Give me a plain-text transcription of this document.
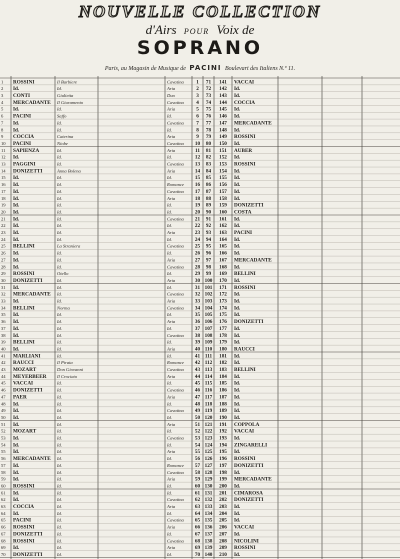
NOUVELLE COLLECTION
d'Airs POUR Voix de
SOPRANO
Paris, au Magasin de Musique de PACINI Boulevart des Italiens N.º 11.
1 ROSSINI	Il Barbiere	Cavatina 1 71 141 VACCAI
2 Id.	Id.	Aria	2 72 142 Id.
3 CONTI	Giulietta	Duo	3 73 143 Id.
4 MERCADANTE Il Giuramento	Cavatina 4 74 144 COCCIA
5 Id.	Id.	Aria	5 75 145 Id.
6 PACINI	Saffo	Id.	6 76 146 Id.
7 Id.	Id.	Cavatina 7 77 147 MERCADANTE
8 Id.	Id.	Id.	8 78 148 Id.
9 COCCIA	Caterina	Aria	9 79 149 ROSSINI
10 PACINI	Niobe	Cavatina 10 80 150 Id.
11 SAPIENZA	Id.	Aria	11 81 151 AUBER
12 Id.	Id.	Id.	12 82 152 Id.
13 PAGGINI	Id.	Cavatina 13 83 153 ROSSINI
14 DONIZETTI	Anna Bolena	Aria	14 84 154 Id.
15 Id.	Id.	Id.	15 85 155 Id.
16 Id.	Id.	Romance 16 86 156 Id.
17 Id.	Id.	Cavatina 17 87 157 Id.
18 Id.	Id.	Aria	18 88 158 Id.
19 Id.	Id.	Id.	19 89 159 DONIZETTI
20 Id.	Id.	Id.	20 90 160 COSTA
21 Id.	Id.	Cavatina 21 91 161 Id.
22 Id.	Id.	Id.	22 92 162 Id.
23 Id.	Id.	Aria	23 93 163 PACINI
24 Id.	Id.	Id.	24 94 164 Id.
25 BELLINI	La Straniera	Cavatina 25 95 165 Id.
26 Id.	Id.	Id.	26 96 166 Id.
27 Id.	Id.	Aria	27 97 167 MERCADANTE
28 Id.	Id.	Cavatina 28 98 168 Id.
29 ROSSINI	Otello	Id.	29 99 169 BELLINI
30 DONIZETTI	Id.	Aria	30 100 170 Id.
31 Id.	Id.	Id.	31 101 171 ROSSINI
32 MERCADANTE Id.	Cavatina 32 102 172 Id.
33 Id.	Id.	Aria	33 103 173 Id.
34 BELLINI	Norma	Cavatina 34 104 174 Id.
35 Id.	Id.	Id.	35 105 175 Id.
36 Id.	Id.	Aria	36 106 176 DONIZETTI
37 Id.	Id.	Id.	37 107 177 Id.
38 Id.	Id.	Cavatina 38 108 178 Id.
39 BELLINI	Id.	Id.	39 109 179 Id.
40 Id.	Id.	Aria	40 110 180 RAUCCI
41 MARLIANI	Id.	Id.	41 111 181 Id.
42 RAUCCI	Il Pirata	Romance 42 112 182 Id.
43 MOZART	Don Giovanni	Cavatina 43 113 183 BELLINI
44 MEYERBEER Il Crociato	Aria	44 114 184 Id.
45 VACCAI	Id.	Id.	45 115 185 Id.
46 DONIZETTI	Id.	Cavatina 46 116 186 Id.
47 PAER	Id.	Aria	47 117 187 Id.
48 Id.	Id.	Id.	48 118 188 Id.
49 Id.	Id.	Cavatina 49 119 189 Id.
50 Id.	Id.	Id.	50 120 190 Id.
51 Id.	Id.	Aria	51 121 191 COPPOLA
52 MOZART	Id.	Id.	52 122 192 VACCAI
53 Id.	Id.	Cavatina 53 123 193 Id.
54 Id.	Id.	Id.	54 124 194 ZINGARELLI
55 Id.	Id.	Aria	55 125 195 Id.
56 MERCADANTE Id.	Id.	56 126 196 ROSSINI
57 Id.	Id.	Romance 57 127 197 DONIZETTI
58 Id.	Id.	Cavatina 58 128 198 Id.
59 Id.	Id.	Aria	59 129 199 MERCADANTE
60 ROSSINI	Id.	Id.	60 130 200 Id.
61 Id.	Id.	Id.	61 131 201 CIMAROSA
62 Id.	Id.	Cavatina 62 132 202 DONIZETTI
63 COCCIA	Id.	Aria	63 133 203 Id.
64 Id.	Id.	Id.	64 134 204 Id.
65 PACINI	Id.	Cavatina 65 135 205 Id.
66 ROSSINI	Id.	Aria	66 136 206 VACCAI
67 DONIZETTI	Id.	Id.	67 137 207 Id.
68 ROSSINI	Id.	Cavatina 68 138 208 NICOLINI
69 Id.	Id.	Aria	69 139 209 ROSSINI
70 DONIZETTI	Id.	Id.	70 140 210 Id.
